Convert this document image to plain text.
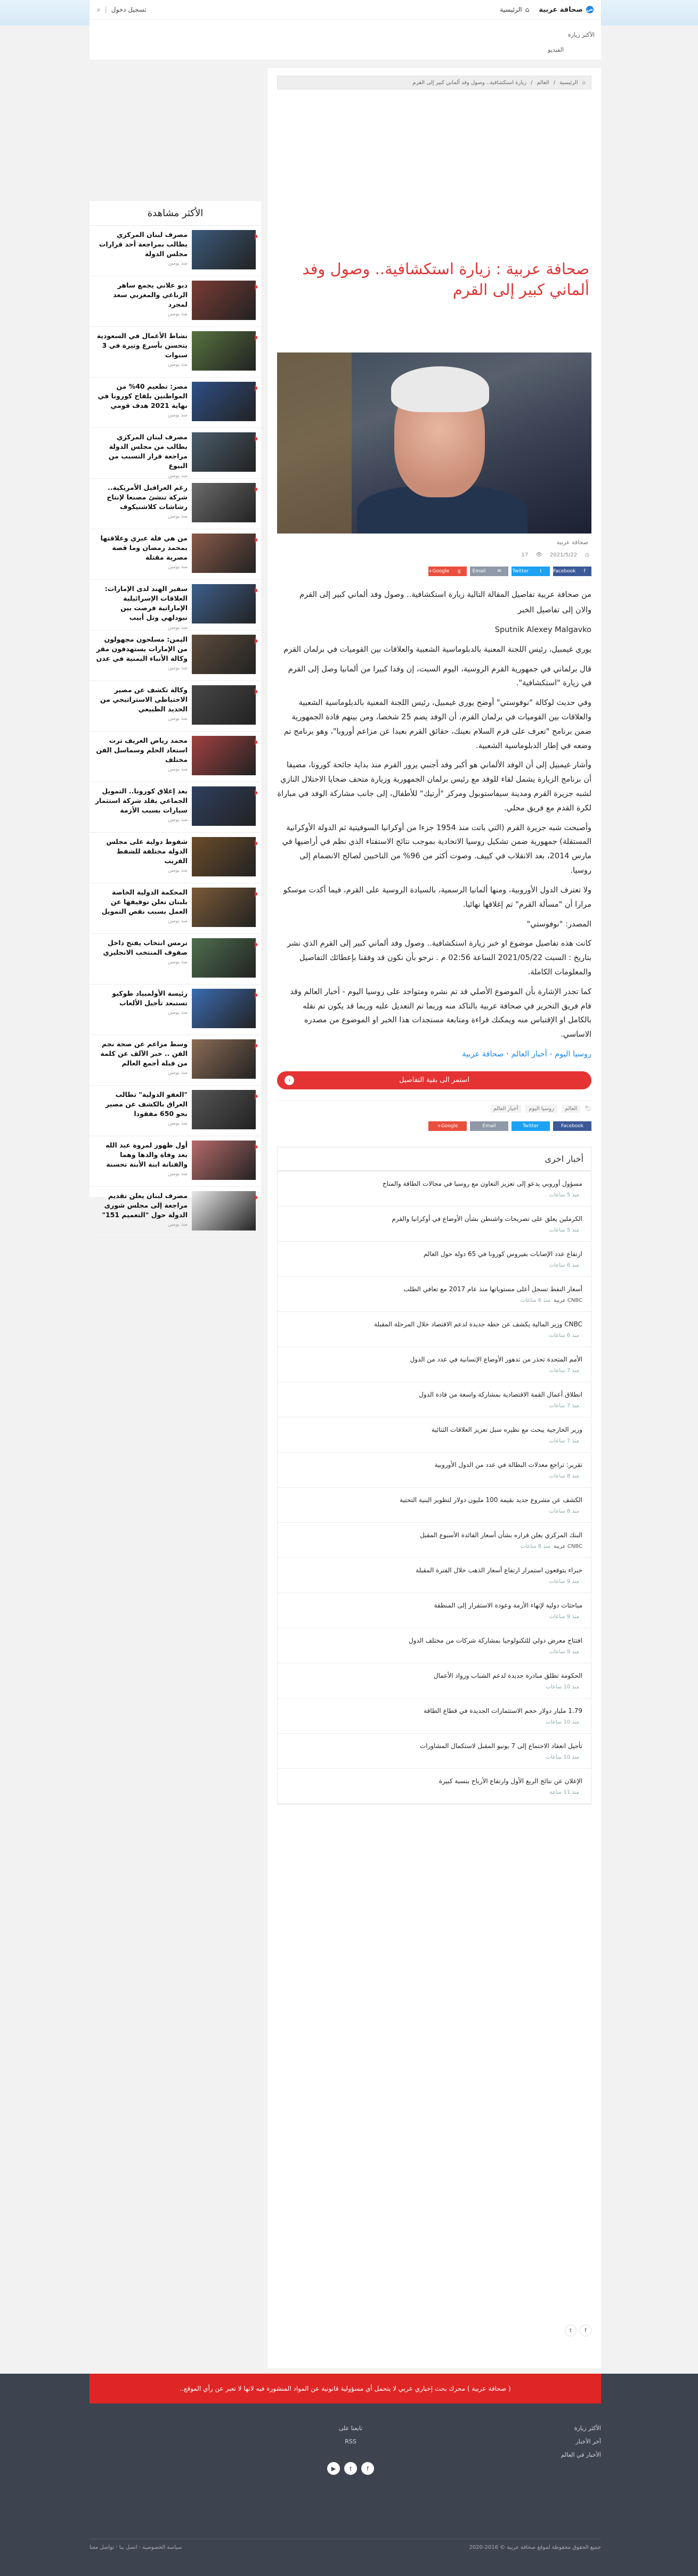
ص
صحافة عربية
⌂
الرئيسية
تسجيل دخول
|
⌕
الأكثر زيارة
الفيديو
⌂
الرئيسية
/
العالم
/
زيارة استكشافية.. وصول وفد ألماني كبير إلى القرم
صحافة عربية : زيارة استكشافية.. وصول وفد ألماني كبير إلى القرم
صحافة عربية
◷
2021/5/22
👁
17
f
Facebook
t
Twitter
✉
Email
g
Google+

من صحافة عربية تفاصيل المقالة التالية زيارة استكشافية.. وصول وفد ألماني كبير إلى القرم

والان إلى تفاصيل الخبر

Sputnik Alexey Malgavko

يوري غيمبيل، رئيس اللجنة المعنية بالدبلوماسية الشعبية والعلاقات بين القوميات في برلمان القرم

قال برلماني في جمهورية القرم الروسية، اليوم السبت، إن وفدا كبيرا من ألمانيا وصل إلى القرم في زيارة "استكشافية".

وفي حديث لوكالة "نوفوستي" أوضح يوري غيمبيل، رئيس اللجنة المعنية بالدبلوماسية الشعبية والعلاقات بين القوميات في برلمان القرم، أن الوفد يضم 25 شخصا، ومن بينهم قادة الجمهورية ضمن برنامج "تعرف على قرم السلام بعينك، حقائق القرم بعيدا عن مزاعم أوروبا"، وهو برنامج تم وضعه في إطار الدبلوماسية الشعبية.

وأشار غيمبيل إلى أن الوفد الألماني هو أكبر وفد أجنبي يزور القرم منذ بداية جائحة كورونا، مضيفا أن برنامج الزيارة يشمل لقاء للوفد مع رئيس برلمان الجمهورية وزيارة متحف ضحايا الاحتلال النازي لشبه جزيرة القرم ومدينة سيفاستوبول ومركز "أرتيك" للأطفال، إلى جانب مشاركة الوفد في مباراة لكرة القدم مع فريق محلي.

وأصبحت شبه جزيرة القرم (التي باتت منذ 1954 جزءا من أوكرانيا السوفيتية ثم الدولة الأوكرانية المستقلة) جمهورية ضمن تشكيل روسيا الاتحادية بموجب نتائج الاستفتاء الذي نظم في أراضيها في مارس 2014، بعد الانقلاب في كييف. وصوت أكثر من 96% من الناخبين لصالح الانضمام إلى روسيا.

ولا تعترف الدول الأوروبية، ومنها ألمانيا الرسمية، بالسيادة الروسية على القرم، فيما أكدت موسكو مرارا أن "مسألة القرم" تم إغلاقها نهائيا.

المصدر: "نوفوستي"

كانت هذه تفاصيل موضوع او خبر زيارة استكشافية.. وصول وفد ألماني كبير إلى القرم الذي نشر بتاريخ : السبت 2021/05/22 الساعة 02:56 م . نرجو بأن نكون قد وفقنا بإعطائك التفاصيل والمعلومات الكاملة.

كما تجدر الإشارة بأن الموضوع الأصلي قد تم نشره ومتواجد على روسيا اليوم - أخبار العالم وقد قام فريق التحرير في صحافة عربية بالتاكد منه وربما تم التعديل عليه وربما قد يكون تم نقله بالكامل او الإقتباس منه ويمكنك قراءة ومتابعة مستجدات هذا الخبر او الموضوع من مصدره الاساسي.

روسيا اليوم - أخبار العالم · صحافة عربية

‹	استمر الى بقية التفاصيل
🏷
العالم
روسيا اليوم
أخبار العالم
Facebook
Twitter
Email
Google+
أخبار اخرى
مسؤول أوروبي يدعو إلى تعزيز التعاون مع روسيا في مجالات الطاقة والمناخ
منذ 5 ساعات
الكرملين يعلق على تصريحات واشنطن بشأن الأوضاع في أوكرانيا والقرم
منذ 5 ساعات
ارتفاع عدد الإصابات بفيروس كورونا في 65 دولة حول العالم
منذ 6 ساعات
أسعار النفط تسجل أعلى مستوياتها منذ عام 2017 مع تعافي الطلب
CNBC عربيةمنذ 6 ساعات
CNBC وزير المالية يكشف عن خطة جديدة لدعم الاقتصاد خلال المرحلة المقبلة
منذ 6 ساعات
الأمم المتحدة تحذر من تدهور الأوضاع الإنسانية في عدد من الدول
منذ 7 ساعات
انطلاق أعمال القمة الاقتصادية بمشاركة واسعة من قادة الدول
منذ 7 ساعات
وزير الخارجية يبحث مع نظيره سبل تعزيز العلاقات الثنائية
منذ 7 ساعات
تقرير: تراجع معدلات البطالة في عدد من الدول الأوروبية
منذ 8 ساعات
الكشف عن مشروع جديد بقيمة 100 مليون دولار لتطوير البنية التحتية
منذ 8 ساعات
البنك المركزي يعلن قراره بشأن أسعار الفائدة الأسبوع المقبل
CNBC عربيةمنذ 8 ساعات
خبراء يتوقعون استمرار ارتفاع أسعار الذهب خلال الفترة المقبلة
منذ 9 ساعات
مباحثات دولية لإنهاء الأزمة وعودة الاستقرار إلى المنطقة
منذ 9 ساعات
افتتاح معرض دولي للتكنولوجيا بمشاركة شركات من مختلف الدول
منذ 9 ساعات
الحكومة تطلق مبادرة جديدة لدعم الشباب ورواد الأعمال
منذ 10 ساعات
1.79 مليار دولار حجم الاستثمارات الجديدة في قطاع الطاقة
منذ 10 ساعات
تأجيل انعقاد الاجتماع إلى 7 يونيو المقبل لاستكمال المشاورات
منذ 10 ساعات
الإعلان عن نتائج الربع الأول وارتفاع الأرباح بنسبة كبيرة
منذ 11 ساعة
f
t
الأكثر مشاهدة
مصرف لبنان المركزي يطالب بمراجعة أحد قرارات مجلس الدولة
منذ يومين
دبو علاني يجمع ساهر الرباعي والمغربي سعد لمجرد
منذ يومين
نشاط الأعمال في السعودية يتحسن بأسرع وتيرة في 3 سنوات
منذ يومين
مصر: تطعيم 40% من المواطنين بلقاح كورونا في نهاية 2021 هدف قومي
منذ يومين
مصرف لبنان المركزي يطالب من مجلس الدولة مراجعة قرار التسبب من البيوع
منذ يومين
رغم العراقيل الأمريكية.. شركة تنشئ مصنعا لإنتاج رشاشات كلاشنيكوف
منذ يومين
من هي فلة عبري وعلاقتها بمحمد رمضان وما قصة مصرية مقتلة
منذ يومين
سفير الهند لدى الإمارات: العلاقات الإسرائيلية الإماراتية فرصت بين نيودلهي وتل أبيب
منذ يومين
اليمن: مسلحون مجهولون من الإمارات يستهدفون مقر وكالة الأنباء اليمنية في عدن
منذ يومين
وكالة تكشف عن مصير الاحتياطي الاستراتيجي من الحديد الطبيعي
منذ يومين
محمد رياض العريف ترت استعاد الحلم وسماسل الفن مختلف
منذ يومين
بعد إغلاق كورونا.. التمويل الجماعي يقلد شركة استثمار سيارات بسبب الأزمة
منذ يومين
شفوط دولية على مجلس الدولة مختلفة للشفط القريب
منذ يومين
المحكمة الدولية الخاصة بلبنان تعلن توقيفها عن العمل بسبب نقص التمويل
منذ يومين
ترمس انتخاب يفتح داخل صفوف المنتخب الانجليزي
منذ يومين
رئيسة الأولمبياد طوكيو تستبعد تأجيل الألعاب
منذ يومين
وسط مزاعم عن صحة نجم الفن .. خبر الآلف عن كلمة من قبلة أجمع العالم
منذ يومين
"العفو الدولية" تطالب العراق بالكشف عن مصير نحو 650 مفقودا
منذ يومين
أول ظهور لمروة عبد الله بعد وفاة والدها وهما والفنانة ابنة الأبنة تحسنة
منذ يومين
مصرف لبنان يعلن تقديم مراجعة إلى مجلس شورى الدولة حول "التعميم 151"
منذ يومين
( صحافة عربية ) محرك بحث إخباري عربي لا يتحمل أي مسؤولية قانونية عن المواد المنشورة فيه لانها لا تعبر عن رأي الموقع..
الأكثر زيارة
آخر الأخبار
الأخبار في العالم
تابعنا على
RSS
f
t
▶
جميع الحقوق محفوظة لموقع صحافة عربية © 2016-2020
سياسة الخصوصية · اتصل بنا · تواصل معنا
